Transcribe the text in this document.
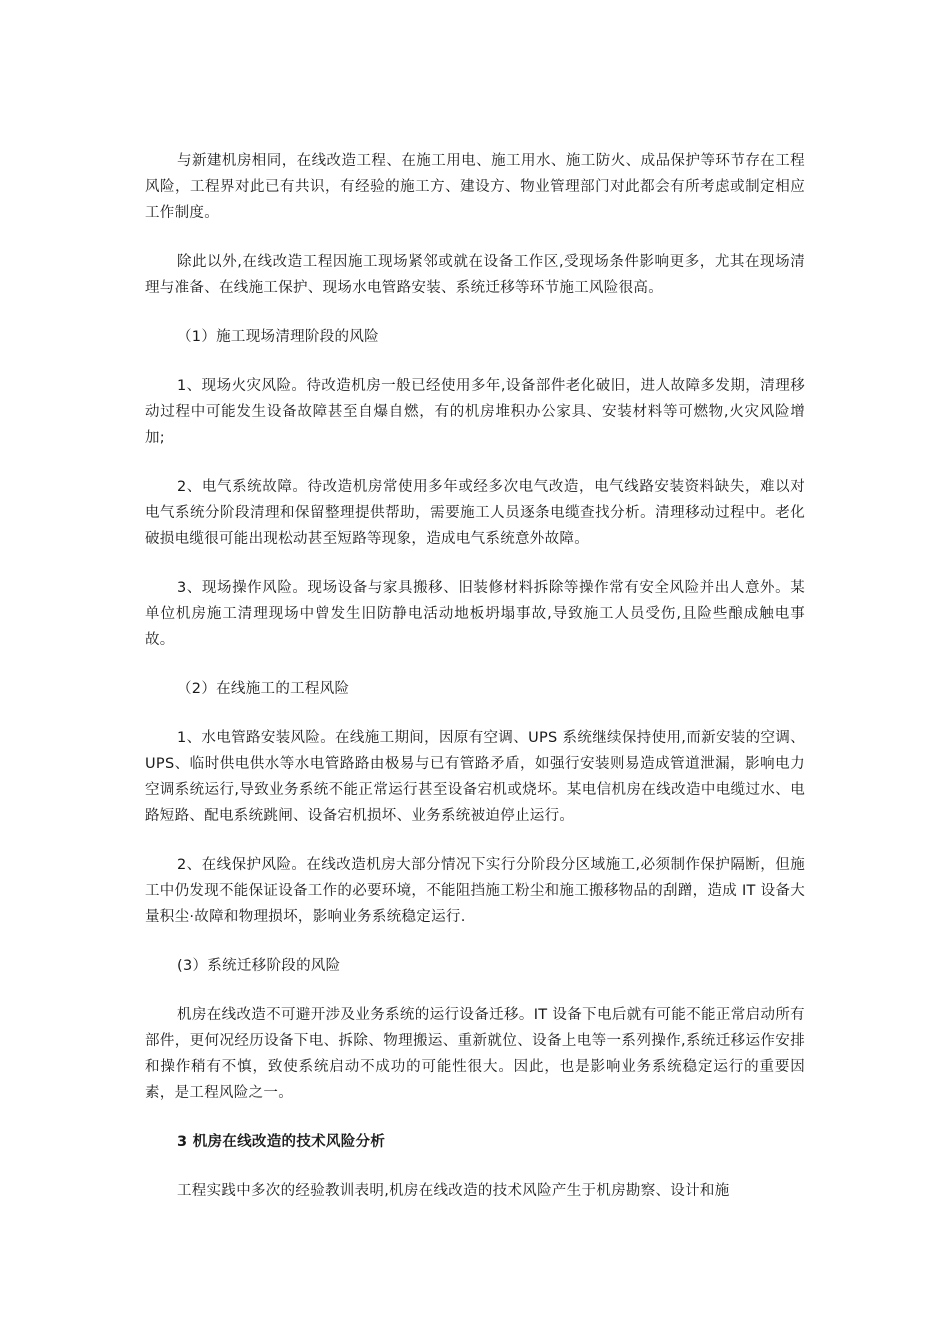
与新建机房相同，在线改造工程、在施工用电、施工用水、施工防火、成品保护等环节存在工程风险，工程界对此已有共识，有经验的施工方、建设方、物业管理部门对此都会有所考虑或制定相应工作制度。

除此以外,在线改造工程因施工现场紧邻或就在设备工作区,受现场条件影响更多，尤其在现场清理与准备、在线施工保护、现场水电管路安装、系统迁移等环节施工风险很高。

（1）施工现场清理阶段的风险

1、现场火灾风险。待改造机房一般已经使用多年,设备部件老化破旧，进人故障多发期，清理移动过程中可能发生设备故障甚至自爆自燃，有的机房堆积办公家具、安装材料等可燃物,火灾风险增加;

2、电气系统故障。待改造机房常使用多年或经多次电气改造，电气线路安装资料缺失，难以对电气系统分阶段清理和保留整理提供帮助，需要施工人员逐条电缆查找分析。清理移动过程中。老化破损电缆很可能出现松动甚至短路等现象，造成电气系统意外故障。

3、现场操作风险。现场设备与家具搬移、旧装修材料拆除等操作常有安全风险并出人意外。某单位机房施工清理现场中曾发生旧防静电活动地板坍塌事故,导致施工人员受伤,且险些酿成触电事故。

（2）在线施工的工程风险

1、水电管路安装风险。在线施工期间，因原有空调、UPS 系统继续保持使用,而新安装的空调、UPS、临时供电供水等水电管路路由极易与已有管路矛盾，如强行安装则易造成管道泄漏，影响电力空调系统运行,导致业务系统不能正常运行甚至设备宕机或烧坏。某电信机房在线改造中电缆过水、电路短路、配电系统跳闸、设备宕机损坏、业务系统被迫停止运行。

2、在线保护风险。在线改造机房大部分情况下实行分阶段分区域施工,必须制作保护隔断，但施工中仍发现不能保证设备工作的必要环境，不能阻挡施工粉尘和施工搬移物品的刮蹭，造成 IT 设备大量积尘·故障和物理损坏，影响业务系统稳定运行.

(3）系统迁移阶段的风险

机房在线改造不可避开涉及业务系统的运行设备迁移。IT 设备下电后就有可能不能正常启动所有部件，更何况经历设备下电、拆除、物理搬运、重新就位、设备上电等一系列操作,系统迁移运作安排和操作稍有不慎，致使系统启动不成功的可能性很大。因此，也是影响业务系统稳定运行的重要因素，是工程风险之一。

3 机房在线改造的技术风险分析

工程实践中多次的经验教训表明,机房在线改造的技术风险产生于机房勘察、设计和施
